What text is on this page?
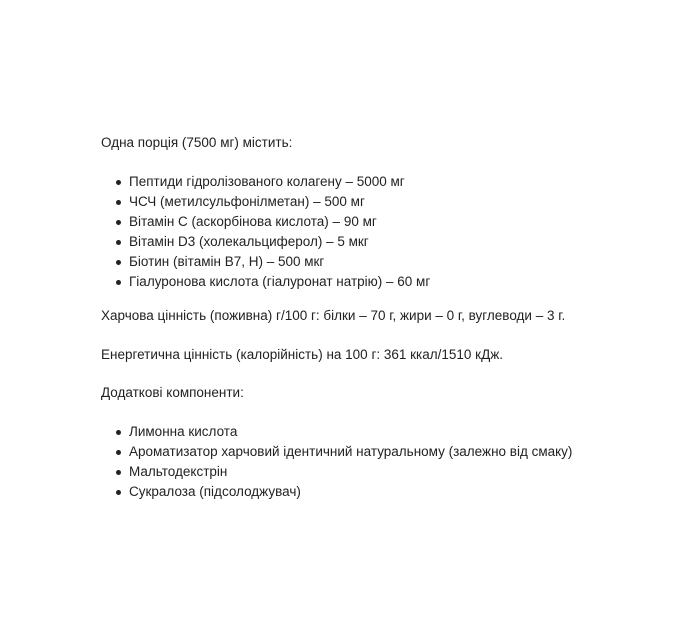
Одна порція (7500 мг) містить:

Пептиди гідролізованого колагену – 5000 мг
ЧСЧ (метилсульфонілметан) – 500 мг
Вітамін С (аскорбінова кислота) – 90 мг
Вітамін D3 (холекальциферол) – 5 мкг
Біотин (вітамін В7, Н) – 500 мкг
Гіалуронова кислота (гіалуронат натрію) – 60 мг

Харчова цінність (поживна) г/100 г: білки – 70 г, жири – 0 г, вуглеводи – 3 г.

Енергетична цінність (калорійність) на 100 г: 361 ккал/1510 кДж.

Додаткові компоненти:

Лимонна кислота
Ароматизатор харчовий ідентичний натуральному (залежно від смаку)
Мальтодекстрін
Сукралоза (підсолоджувач)
